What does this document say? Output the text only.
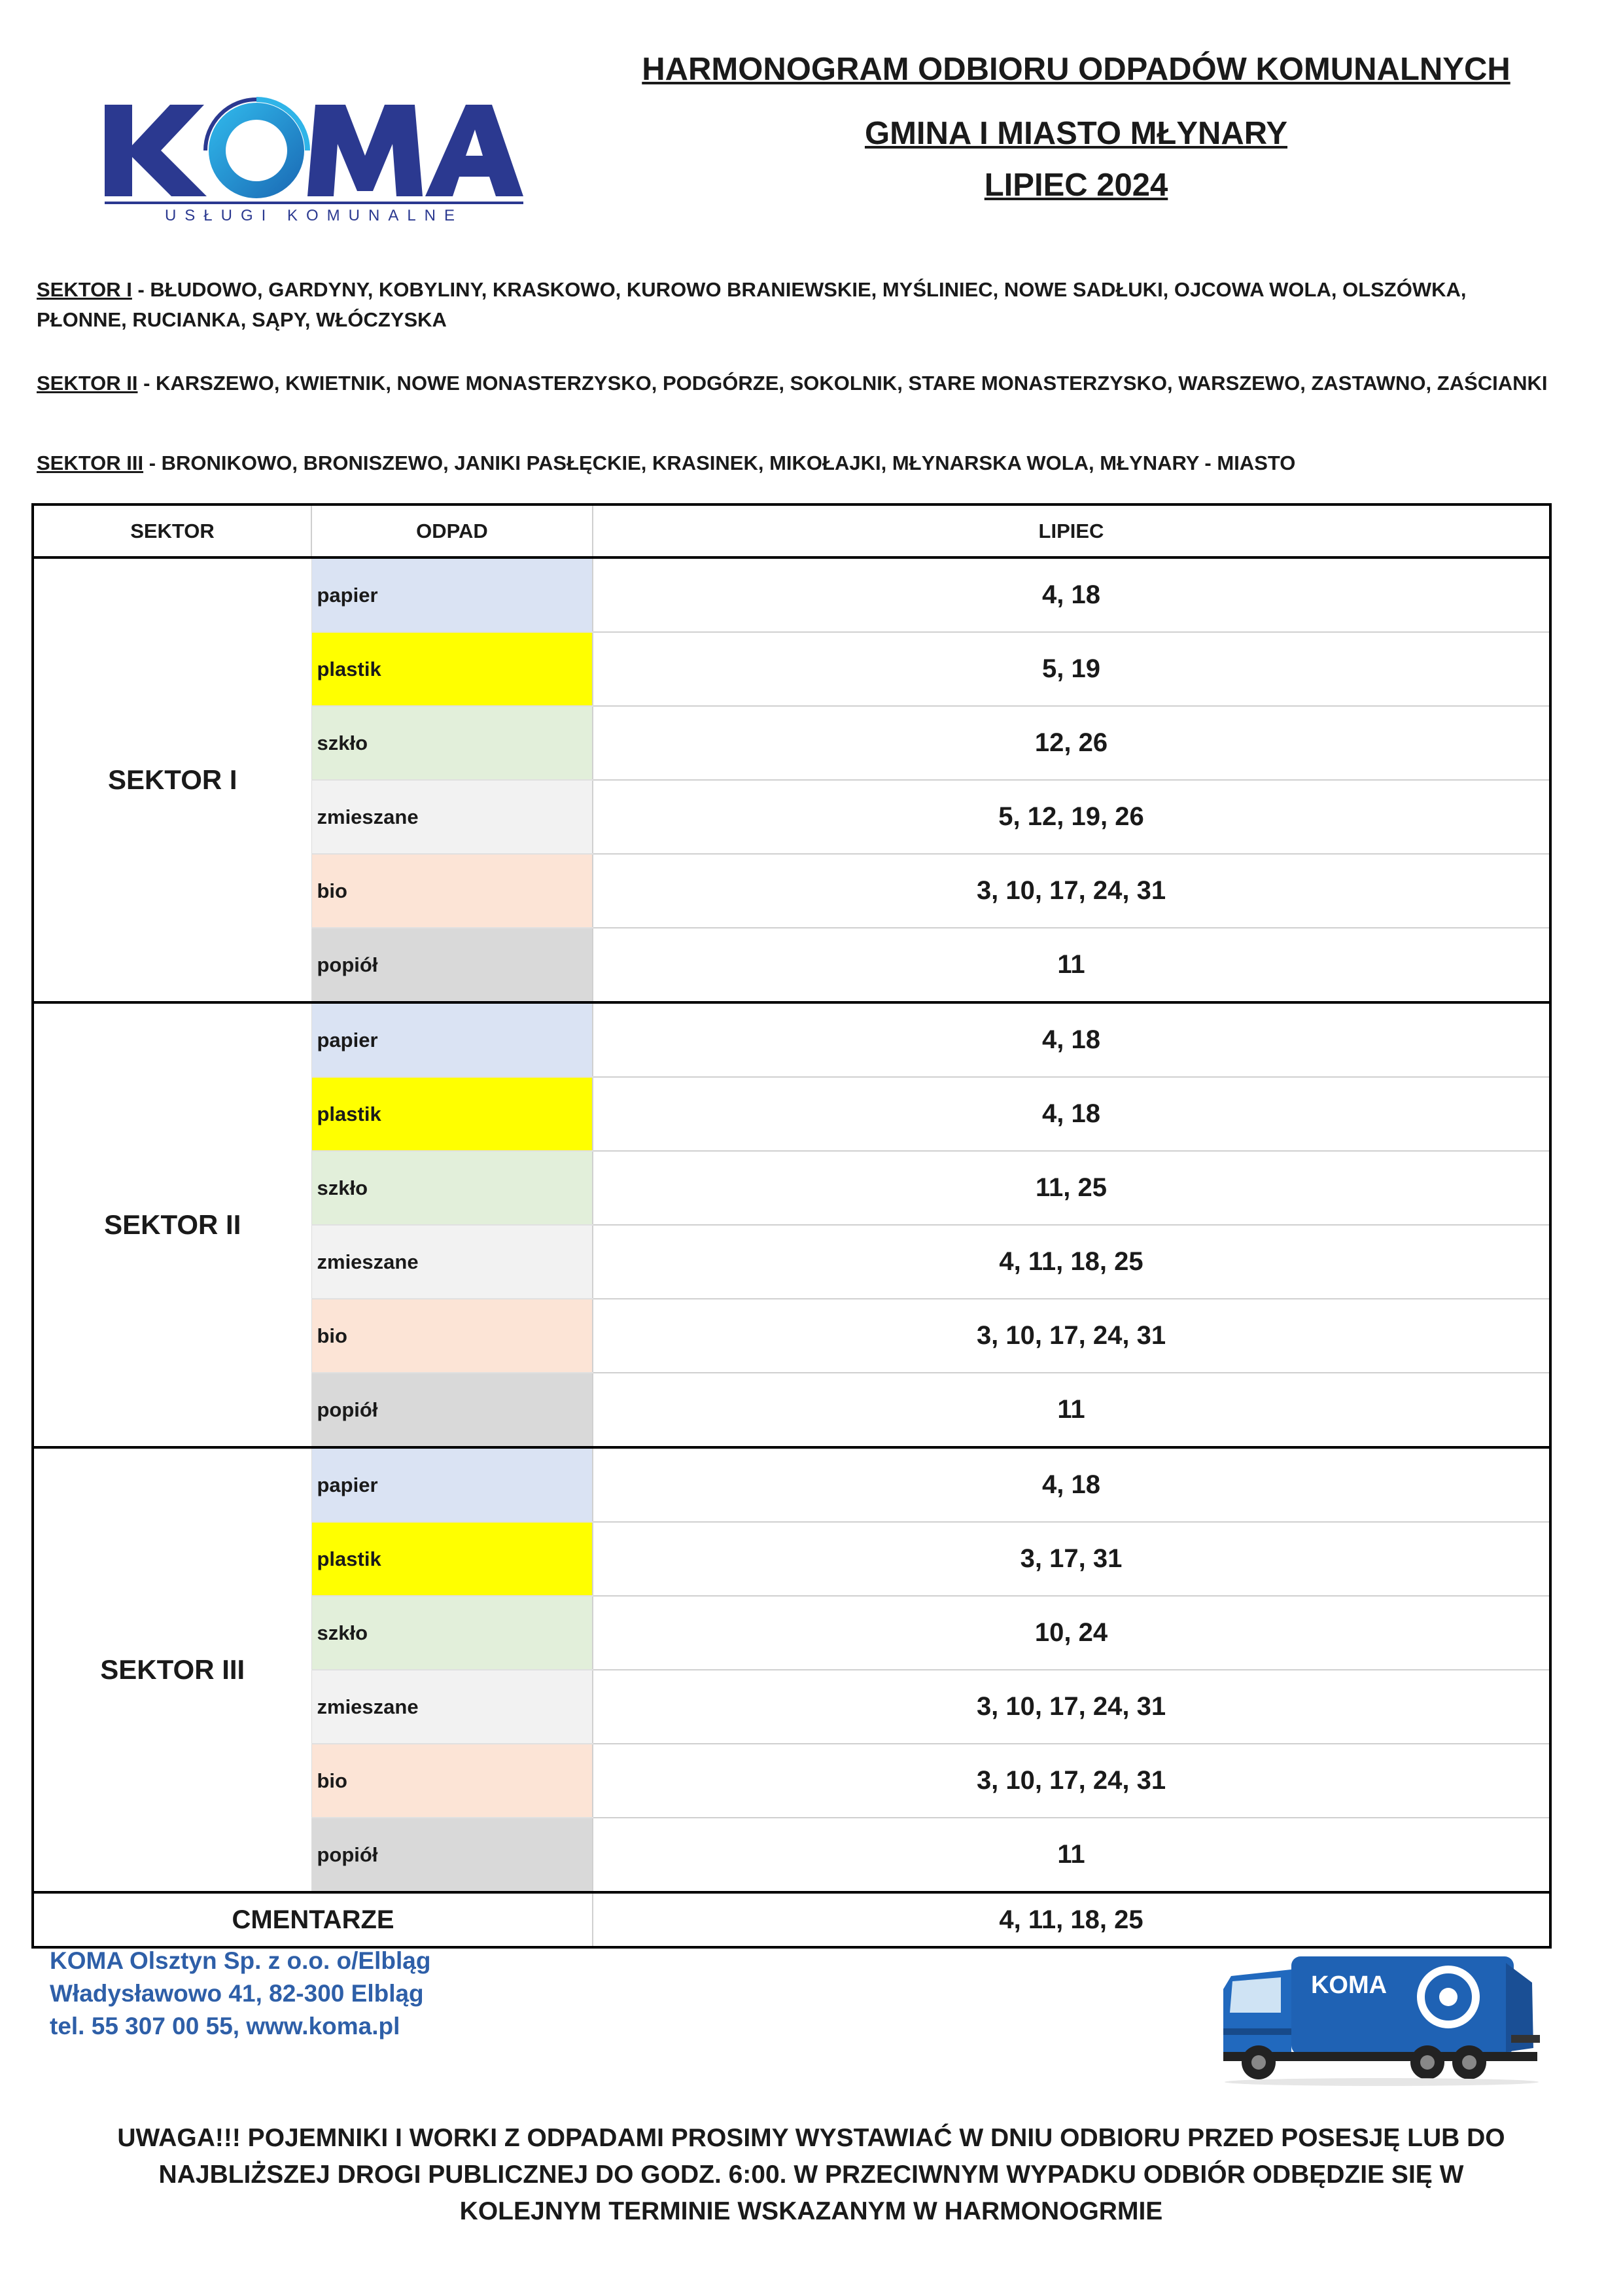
USŁUGI KOMUNALNE
HARMONOGRAM ODBIORU ODPADÓW KOMUNALNYCH
GMINA I MIASTO MŁYNARY
LIPIEC 2024
SEKTOR I - BŁUDOWO, GARDYNY, KOBYLINY, KRASKOWO, KUROWO BRANIEWSKIE, MYŚLINIEC, NOWE SADŁUKI, OJCOWA WOLA, OLSZÓWKA, PŁONNE, RUCIANKA, SĄPY, WŁÓCZYSKA
SEKTOR II - KARSZEWO, KWIETNIK, NOWE MONASTERZYSKO, PODGÓRZE, SOKOLNIK, STARE MONASTERZYSKO, WARSZEWO, ZASTAWNO, ZAŚCIANKI
SEKTOR III - BRONIKOWO, BRONISZEWO, JANIKI PASŁĘCKIE, KRASINEK, MIKOŁAJKI, MŁYNARSKA WOLA, MŁYNARY - MIASTO
SEKTOR	ODPAD	LIPIEC
SEKTOR I	papier	4, 18
	plastik	5, 19
	szkło	12, 26
	zmieszane	5, 12, 19, 26
	bio	3, 10, 17, 24, 31
	popiół	11
SEKTOR II	papier	4, 18
	plastik	4, 18
	szkło	11, 25
	zmieszane	4, 11, 18, 25
	bio	3, 10, 17, 24, 31
	popiół	11
SEKTOR III	papier	4, 18
	plastik	3, 17, 31
	szkło	10, 24
	zmieszane	3, 10, 17, 24, 31
	bio	3, 10, 17, 24, 31
	popiół	11
CMENTARZE		4, 11, 18, 25
KOMA Olsztyn Sp. z o.o. o/Elbląg
Władysławowo 41, 82-300 Elbląg
tel. 55 307 00 55, www.koma.pl
KOMA
UWAGA!!! POJEMNIKI I WORKI Z ODPADAMI PROSIMY WYSTAWIAĆ W DNIU ODBIORU PRZED POSESJĘ LUB DO
NAJBLIŻSZEJ DROGI PUBLICZNEJ DO GODZ. 6:00. W PRZECIWNYM WYPADKU ODBIÓR ODBĘDZIE SIĘ W
KOLEJNYM TERMINIE WSKAZANYM W HARMONOGRMIE
